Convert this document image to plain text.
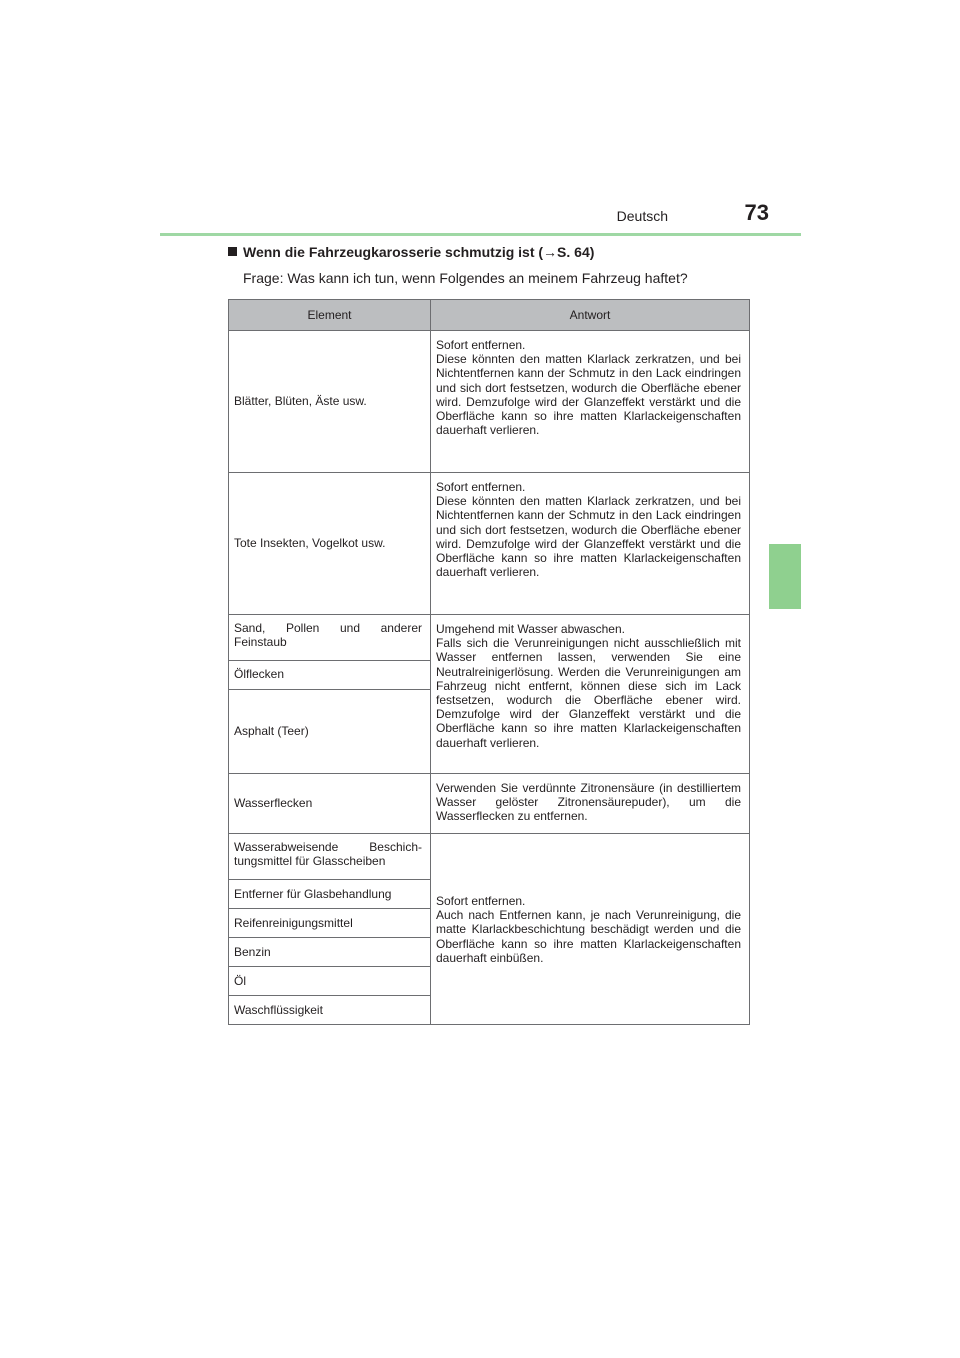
Deutsch	73
Wenn die Fahrzeugkarosserie schmutzig ist (→S. 64)
Frage: Was kann ich tun, wenn Folgendes an meinem Fahrzeug haftet?
Element	Antwort
Blätter, Blüten, Äste usw.	Sofort entfernen.
Diese könnten den matten Klarlack zerkratzen, und bei Nichtentfernen kann der Schmutz in den Lack eindringen und sich dort festsetzen, wodurch die Oberfläche ebener wird. Demzufolge wird der Glanzeffekt verstärkt und die Oberfläche kann so ihre matten Klarlackeigenschaften dauerhaft verlieren.

Tote Insekten, Vogelkot usw.	Sofort entfernen.
Diese könnten den matten Klarlack zerkratzen, und bei Nichtentfernen kann der Schmutz in den Lack eindringen und sich dort festsetzen, wodurch die Oberfläche ebener wird. Demzufolge wird der Glanzeffekt verstärkt und die Oberfläche kann so ihre matten Klarlackeigenschaften dauerhaft verlieren.

Sand, Pollen und anderer Feinstaub	Umgehend mit Wasser abwaschen.
Falls sich die Verunreinigungen nicht ausschließlich mit Wasser entfernen lassen, verwenden Sie eine Neutralreinigerlösung. Werden die Verunreinigungen am Fahrzeug nicht entfernt, können diese sich im Lack festsetzen, wodurch die Oberfläche ebener wird. Demzufolge wird der Glanzeffekt verstärkt und die Oberfläche kann so ihre matten Klarlackeigenschaften dauerhaft verlieren.

Ölflecken	
Asphalt (Teer)	
Wasserflecken	Verwenden Sie verdünnte Zitronensäure (in destilliertem Wasser gelöster Zitronensäurepuder), um die Wasserflecken zu entfernen.

Wasserabweisende Beschichtungsmittel für Glasscheiben	Sofort entfernen.
Auch nach Entfernen kann, je nach Verunreinigung, die matte Klarlackbeschichtung beschädigt werden und die Oberfläche kann so ihre matten Klarlackeigenschaften dauerhaft einbüßen.

Entferner für Glasbehandlung	
Reifenreinigungsmittel	
Benzin	
Öl	
Waschflüssigkeit	
